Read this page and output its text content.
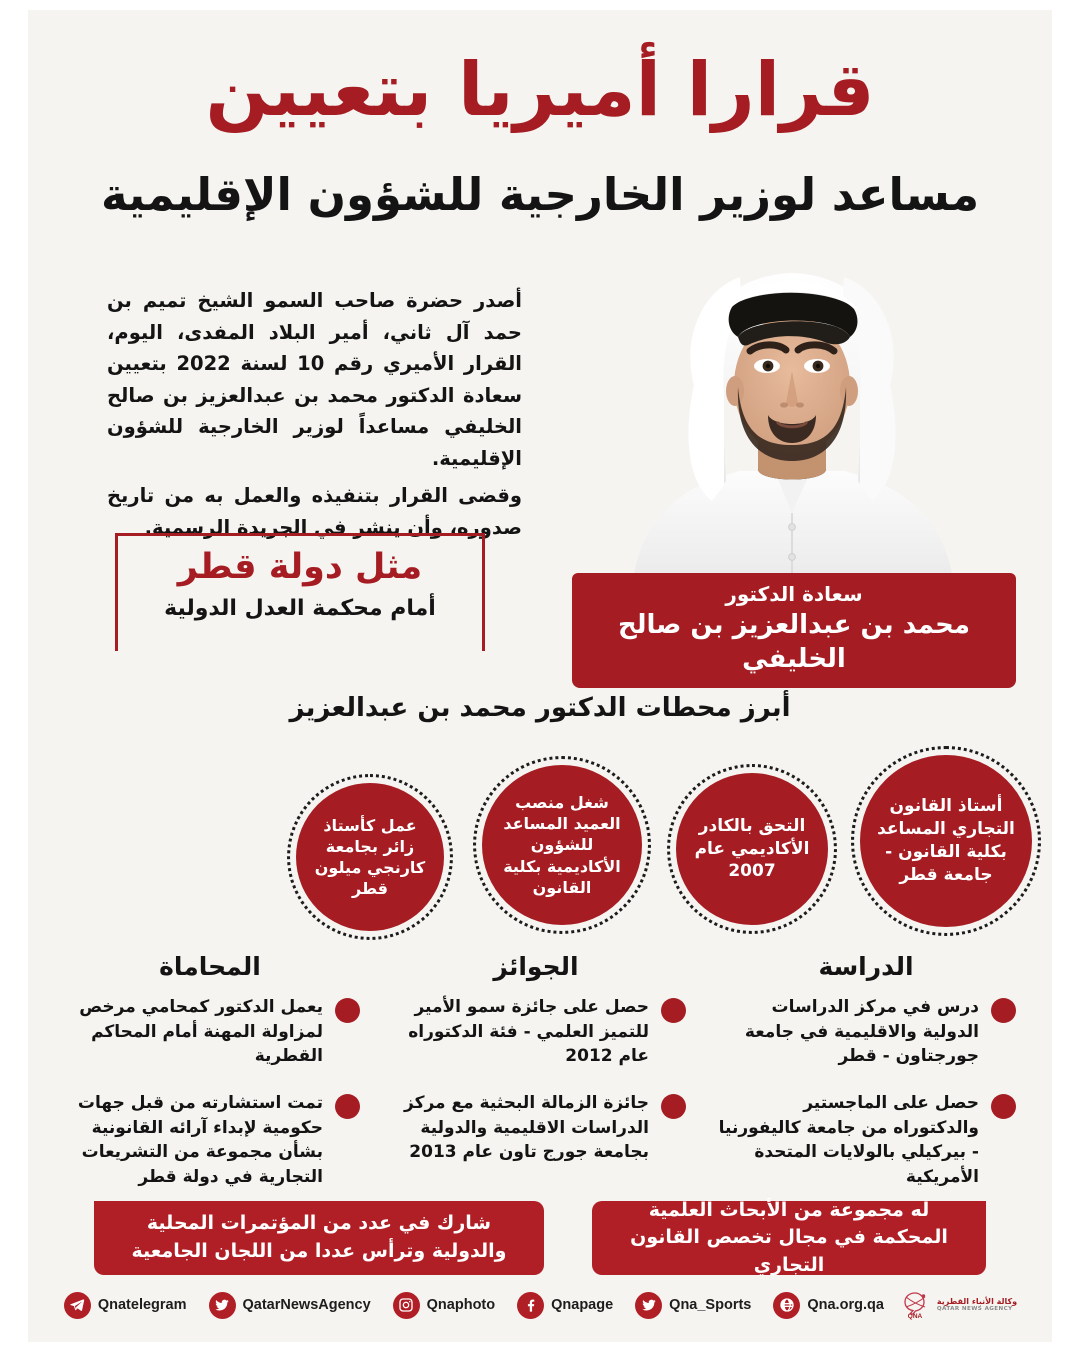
قرارا أميريا بتعيين
مساعد لوزير الخارجية للشؤون الإقليمية

أصدر حضرة صاحب السمو الشيخ تميم بن حمد آل ثاني، أمير البلاد المفدى، اليوم، القرار الأميري رقم 10 لسنة 2022 بتعيين سعادة الدكتور محمد بن عبدالعزيز بن صالح الخليفي مساعداً لوزير الخارجية للشؤون الإقليمية.

وقضى القرار بتنفيذه والعمل به من تاريخ صدوره، وأن ينشر في الجريدة الرسمية.

مثل دولة قطر
أمام محكمة العدل الدولية
سعادة الدكتور
محمد بن عبدالعزيز بن صالح الخليفي
أبرز محطات الدكتور محمد بن عبدالعزيز
أستاذ القانون التجاري المساعد بكلية القانون - جامعة قطر
التحق بالكادر الأكاديمي عام 2007
شغل منصب العميد المساعد للشؤون الأكاديمية بكلية القانون
عمل كأستاذ زائر بجامعة كارنجي ميلون قطر
الدراسة
الجوائز
المحاماة
درس في مركز الدراسات الدولية والاقليمية في جامعة جورجتاون - قطر
حصل على الماجستير والدكتوراه من جامعة كاليفورنيا - بيركيلي بالولايات المتحدة الأمريكية
حصل على جائزة سمو الأمير للتميز العلمي - فئة الدكتوراه عام 2012
جائزة الزمالة البحثية مع مركز الدراسات الاقليمية والدولية بجامعة جورج تاون عام 2013
يعمل الدكتور كمحامي مرخص لمزاولة المهنة أمام المحاكم القطرية
تمت استشارته من قبل جهات حكومية لإبداء آرائه القانونية بشأن مجموعة من التشريعات التجارية في دولة قطر
له مجموعة من الأبحاث العلمية المحكمة في مجال تخصص القانون التجاري
شارك في عدد من المؤتمرات المحلية والدولية وترأس عددا من اللجان الجامعية
Qnatelegram	QatarNewsAgency	Qnaphoto	Qnapage	Qna_Sports	Qna.org.qa
QNA
وكالة الأنباء القطرية
QATAR NEWS AGENCY
